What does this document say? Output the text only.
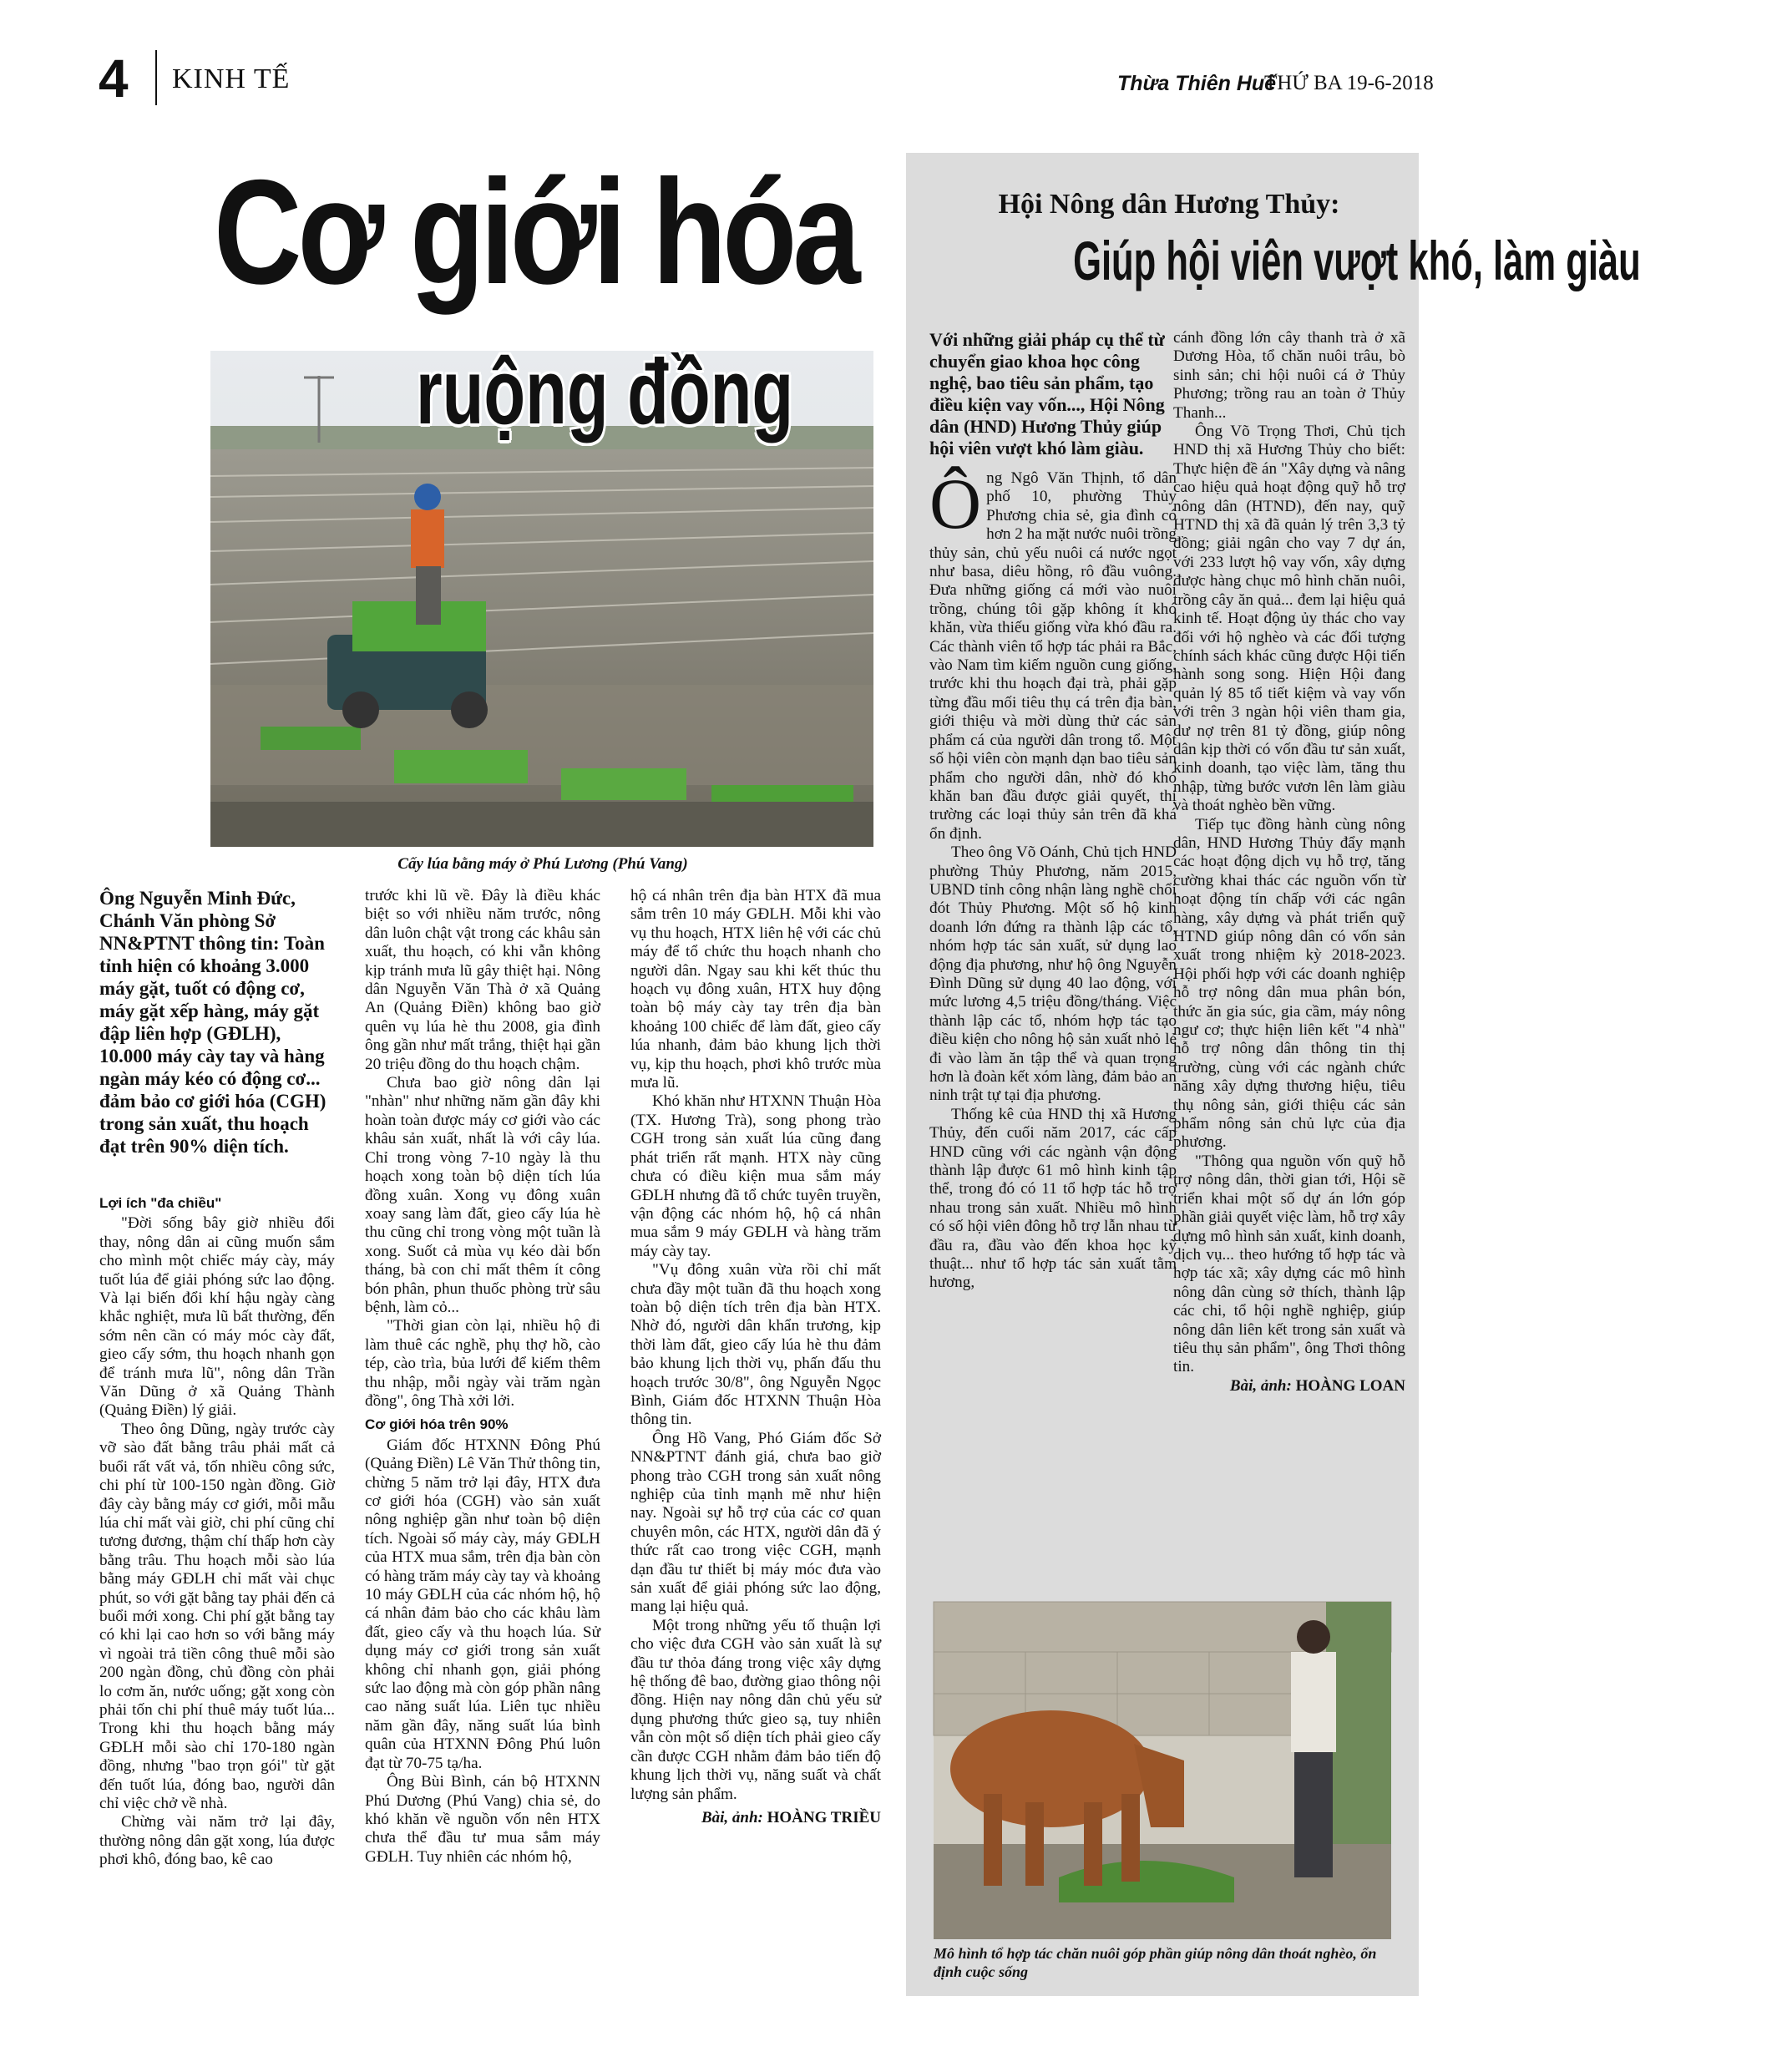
4 KINH TẾ	Thừa Thiên Huế
THỨ BA 19-6-2018
Cơ giới hóa
ruộng đồng
Cấy lúa bằng máy ở Phú Lương (Phú Vang)

Ông Nguyễn Minh Đức, Chánh Văn phòng Sở NN&PTNT thông tin: Toàn tỉnh hiện có khoảng 3.000 máy gặt, tuốt có động cơ, máy gặt xếp hàng, máy gặt đập liên hợp (GĐLH), 10.000 máy cày tay và hàng ngàn máy kéo có động cơ... đảm bảo cơ giới hóa (CGH) trong sản xuất, thu hoạch đạt trên 90% diện tích.

Lợi ích "đa chiều"

"Đời sống bây giờ nhiều đổi thay, nông dân ai cũng muốn sắm cho mình một chiếc máy cày, máy tuốt lúa để giải phóng sức lao động. Và lại biến đổi khí hậu ngày càng khắc nghiệt, mưa lũ bất thường, đến sớm nên cần có máy móc cày đất, gieo cấy sớm, thu hoạch nhanh gọn để tránh mưa lũ", nông dân Trần Văn Dũng ở xã Quảng Thành (Quảng Điền) lý giải.

Theo ông Dũng, ngày trước cày vỡ sào đất bằng trâu phải mất cả buổi rất vất vả, tốn nhiều công sức, chi phí từ 100-150 ngàn đồng. Giờ đây cày bằng máy cơ giới, mỗi mẫu lúa chỉ mất vài giờ, chi phí cũng chỉ tương đương, thậm chí thấp hơn cày bằng trâu. Thu hoạch mỗi sào lúa bằng máy GĐLH chỉ mất vài chục phút, so với gặt bằng tay phải đến cả buổi mới xong. Chi phí gặt bằng tay có khi lại cao hơn so với bằng máy vì ngoài trả tiền công thuê mỗi sào 200 ngàn đồng, chủ đồng còn phải lo cơm ăn, nước uống; gặt xong còn phải tốn chi phí thuê máy tuốt lúa... Trong khi thu hoạch bằng máy GĐLH mỗi sào chỉ 170-180 ngàn đồng, nhưng "bao trọn gói" từ gặt đến tuốt lúa, đóng bao, người dân chỉ việc chở về nhà.

Chừng vài năm trở lại đây, thường nông dân gặt xong, lúa được phơi khô, đóng bao, kê cao

trước khi lũ về. Đây là điều khác biệt so với nhiều năm trước, nông dân luôn chật vật trong các khâu sản xuất, thu hoạch, có khi vẫn không kịp tránh mưa lũ gây thiệt hại. Nông dân Nguyễn Văn Thà ở xã Quảng An (Quảng Điền) không bao giờ quên vụ lúa hè thu 2008, gia đình ông gần như mất trắng, thiệt hại gần 20 triệu đồng do thu hoạch chậm.

Chưa bao giờ nông dân lại "nhàn" như những năm gần đây khi hoàn toàn được máy cơ giới vào các khâu sản xuất, nhất là với cây lúa. Chỉ trong vòng 7-10 ngày là thu hoạch xong toàn bộ diện tích lúa đồng xuân. Xong vụ đông xuân xoay sang làm đất, gieo cấy lúa hè thu cũng chỉ trong vòng một tuần là xong. Suốt cả mùa vụ kéo dài bốn tháng, bà con chỉ mất thêm ít công bón phân, phun thuốc phòng trừ sâu bệnh, làm cỏ...

"Thời gian còn lại, nhiều hộ đi làm thuê các nghề, phụ thợ hồ, cào tép, cào trìa, bủa lưới để kiếm thêm thu nhập, mỗi ngày vài trăm ngàn đồng", ông Thà xởi lởi.

Cơ giới hóa trên 90%

Giám đốc HTXNN Đông Phú (Quảng Điền) Lê Văn Thử thông tin, chừng 5 năm trở lại đây, HTX đưa cơ giới hóa (CGH) vào sản xuất nông nghiệp gần như toàn bộ diện tích. Ngoài số máy cày, máy GĐLH của HTX mua sắm, trên địa bàn còn có hàng trăm máy cày tay và khoảng 10 máy GĐLH của các nhóm hộ, hộ cá nhân đảm bảo cho các khâu làm đất, gieo cấy và thu hoạch lúa. Sử dụng máy cơ giới trong sản xuất không chỉ nhanh gọn, giải phóng sức lao động mà còn góp phần nâng cao năng suất lúa. Liên tục nhiều năm gần đây, năng suất lúa bình quân của HTXNN Đông Phú luôn đạt từ 70-75 tạ/ha.

Ông Bùi Bình, cán bộ HTXNN Phú Dương (Phú Vang) chia sẻ, do khó khăn về nguồn vốn nên HTX chưa thể đầu tư mua sắm máy GĐLH. Tuy nhiên các nhóm hộ,

hộ cá nhân trên địa bàn HTX đã mua sắm trên 10 máy GĐLH. Mỗi khi vào vụ thu hoạch, HTX liên hệ với các chủ máy để tổ chức thu hoạch nhanh cho người dân. Ngay sau khi kết thúc thu hoạch vụ đông xuân, HTX huy động toàn bộ máy cày tay trên địa bàn khoảng 100 chiếc để làm đất, gieo cấy lúa nhanh, đảm bảo khung lịch thời vụ, kịp thu hoạch, phơi khô trước mùa mưa lũ.

Khó khăn như HTXNN Thuận Hòa (TX. Hương Trà), song phong trào CGH trong sản xuất lúa cũng đang phát triển rất mạnh. HTX này cũng chưa có điều kiện mua sắm máy GĐLH nhưng đã tổ chức tuyên truyền, vận động các nhóm hộ, hộ cá nhân mua sắm 9 máy GĐLH và hàng trăm máy cày tay.

"Vụ đông xuân vừa rồi chỉ mất chưa đầy một tuần đã thu hoạch xong toàn bộ diện tích trên địa bàn HTX. Nhờ đó, người dân khẩn trương, kịp thời làm đất, gieo cấy lúa hè thu đảm bảo khung lịch thời vụ, phấn đấu thu hoạch trước 30/8", ông Nguyễn Ngọc Bình, Giám đốc HTXNN Thuận Hòa thông tin.

Ông Hồ Vang, Phó Giám đốc Sở NN&PTNT đánh giá, chưa bao giờ phong trào CGH trong sản xuất nông nghiệp của tỉnh mạnh mẽ như hiện nay. Ngoài sự hỗ trợ của các cơ quan chuyên môn, các HTX, người dân đã ý thức rất cao trong việc CGH, mạnh dạn đầu tư thiết bị máy móc đưa vào sản xuất để giải phóng sức lao động, mang lại hiệu quả.

Một trong những yếu tố thuận lợi cho việc đưa CGH vào sản xuất là sự đầu tư thỏa đáng trong việc xây dựng hệ thống đê bao, đường giao thông nội đồng. Hiện nay nông dân chủ yếu sử dụng phương thức gieo sạ, tuy nhiên vẫn còn một số diện tích phải gieo cấy cần được CGH nhằm đảm bảo tiến độ khung lịch thời vụ, năng suất và chất lượng sản phẩm.

Bài, ảnh: HOÀNG TRIỀU
Hội Nông dân Hương Thủy:
Giúp hội viên vượt khó, làm giàu

Với những giải pháp cụ thể từ chuyển giao khoa học công nghệ, bao tiêu sản phẩm, tạo điều kiện vay vốn..., Hội Nông dân (HND) Hương Thủy giúp hội viên vượt khó làm giàu.

Ông Ngô Văn Thịnh, tổ dân phố 10, phường Thủy Phương chia sẻ, gia đình có hơn 2 ha mặt nước nuôi trồng thủy sản, chủ yếu nuôi cá nước ngọt như basa, diêu hồng, rô đầu vuông. Đưa những giống cá mới vào nuôi trồng, chúng tôi gặp không ít khó khăn, vừa thiếu giống vừa khó đầu ra. Các thành viên tổ hợp tác phải ra Bắc, vào Nam tìm kiếm nguồn cung giống, trước khi thu hoạch đại trà, phải gặp từng đầu mối tiêu thụ cá trên địa bàn, giới thiệu và mời dùng thử các sản phẩm cá của người dân trong tổ. Một số hội viên còn mạnh dạn bao tiêu sản phẩm cho người dân, nhờ đó khó khăn ban đầu được giải quyết, thị trường các loại thủy sản trên đã khá ổn định.

Theo ông Võ Oánh, Chủ tịch HND phường Thủy Phương, năm 2015, UBND tỉnh công nhận làng nghề chổi đót Thủy Phương. Một số hộ kinh doanh lớn đứng ra thành lập các tổ, nhóm hợp tác sản xuất, sử dụng lao động địa phương, như hộ ông Nguyễn Đình Dũng sử dụng 40 lao động, với mức lương 4,5 triệu đồng/tháng. Việc thành lập các tổ, nhóm hợp tác tạo điều kiện cho nông hộ sản xuất nhỏ lẻ đi vào làm ăn tập thể và quan trọng hơn là đoàn kết xóm làng, đảm bảo an ninh trật tự tại địa phương.

Thống kê của HND thị xã Hương Thủy, đến cuối năm 2017, các cấp HND cũng với các ngành vận động thành lập được 61 mô hình kinh tập thể, trong đó có 11 tổ hợp tác hỗ trợ nhau trong sản xuất. Nhiều mô hình có số hội viên đông hỗ trợ lẫn nhau từ đầu ra, đầu vào đến khoa học kỹ thuật... như tổ hợp tác sản xuất tằm hương,

cánh đồng lớn cây thanh trà ở xã Dương Hòa, tổ chăn nuôi trâu, bò sinh sản; chi hội nuôi cá ở Thủy Phương; trồng rau an toàn ở Thủy Thanh...

Ông Võ Trọng Thơi, Chủ tịch HND thị xã Hương Thủy cho biết: Thực hiện đề án "Xây dựng và nâng cao hiệu quả hoạt động quỹ hỗ trợ nông dân (HTND), đến nay, quỹ HTND thị xã đã quản lý trên 3,3 tỷ đồng; giải ngân cho vay 7 dự án, với 233 lượt hộ vay vốn, xây dựng được hàng chục mô hình chăn nuôi, trồng cây ăn quả... đem lại hiệu quả kinh tế. Hoạt động ủy thác cho vay đối với hộ nghèo và các đối tượng chính sách khác cũng được Hội tiến hành song song. Hiện Hội đang quản lý 85 tổ tiết kiệm và vay vốn với trên 3 ngàn hội viên tham gia, dư nợ trên 81 tỷ đồng, giúp nông dân kịp thời có vốn đầu tư sản xuất, kinh doanh, tạo việc làm, tăng thu nhập, từng bước vươn lên làm giàu và thoát nghèo bền vững.

Tiếp tục đồng hành cùng nông dân, HND Hương Thủy đẩy mạnh các hoạt động dịch vụ hỗ trợ, tăng cường khai thác các nguồn vốn từ hoạt động tín chấp với các ngân hàng, xây dựng và phát triển quỹ HTND giúp nông dân có vốn sản xuất trong nhiệm kỳ 2018-2023. Hội phối hợp với các doanh nghiệp hỗ trợ nông dân mua phân bón, thức ăn gia súc, gia cầm, máy nông ngư cơ; thực hiện liên kết "4 nhà" hỗ trợ nông dân thông tin thị trường, cùng với các ngành chức năng xây dựng thương hiệu, tiêu thụ nông sản, giới thiệu các sản phẩm nông sản chủ lực của địa phương.

"Thông qua nguồn vốn quỹ hỗ trợ nông dân, thời gian tới, Hội sẽ triển khai một số dự án lớn góp phần giải quyết việc làm, hỗ trợ xây dựng mô hình sản xuất, kinh doanh, dịch vụ... theo hướng tổ hợp tác và hợp tác xã; xây dựng các mô hình nông dân cùng sở thích, thành lập các chi, tổ hội nghề nghiệp, giúp nông dân liên kết trong sản xuất và tiêu thụ sản phẩm", ông Thơi thông tin.

Bài, ảnh: HOÀNG LOAN
Mô hình tổ hợp tác chăn nuôi góp phần giúp nông dân thoát nghèo, ổn định cuộc sống
